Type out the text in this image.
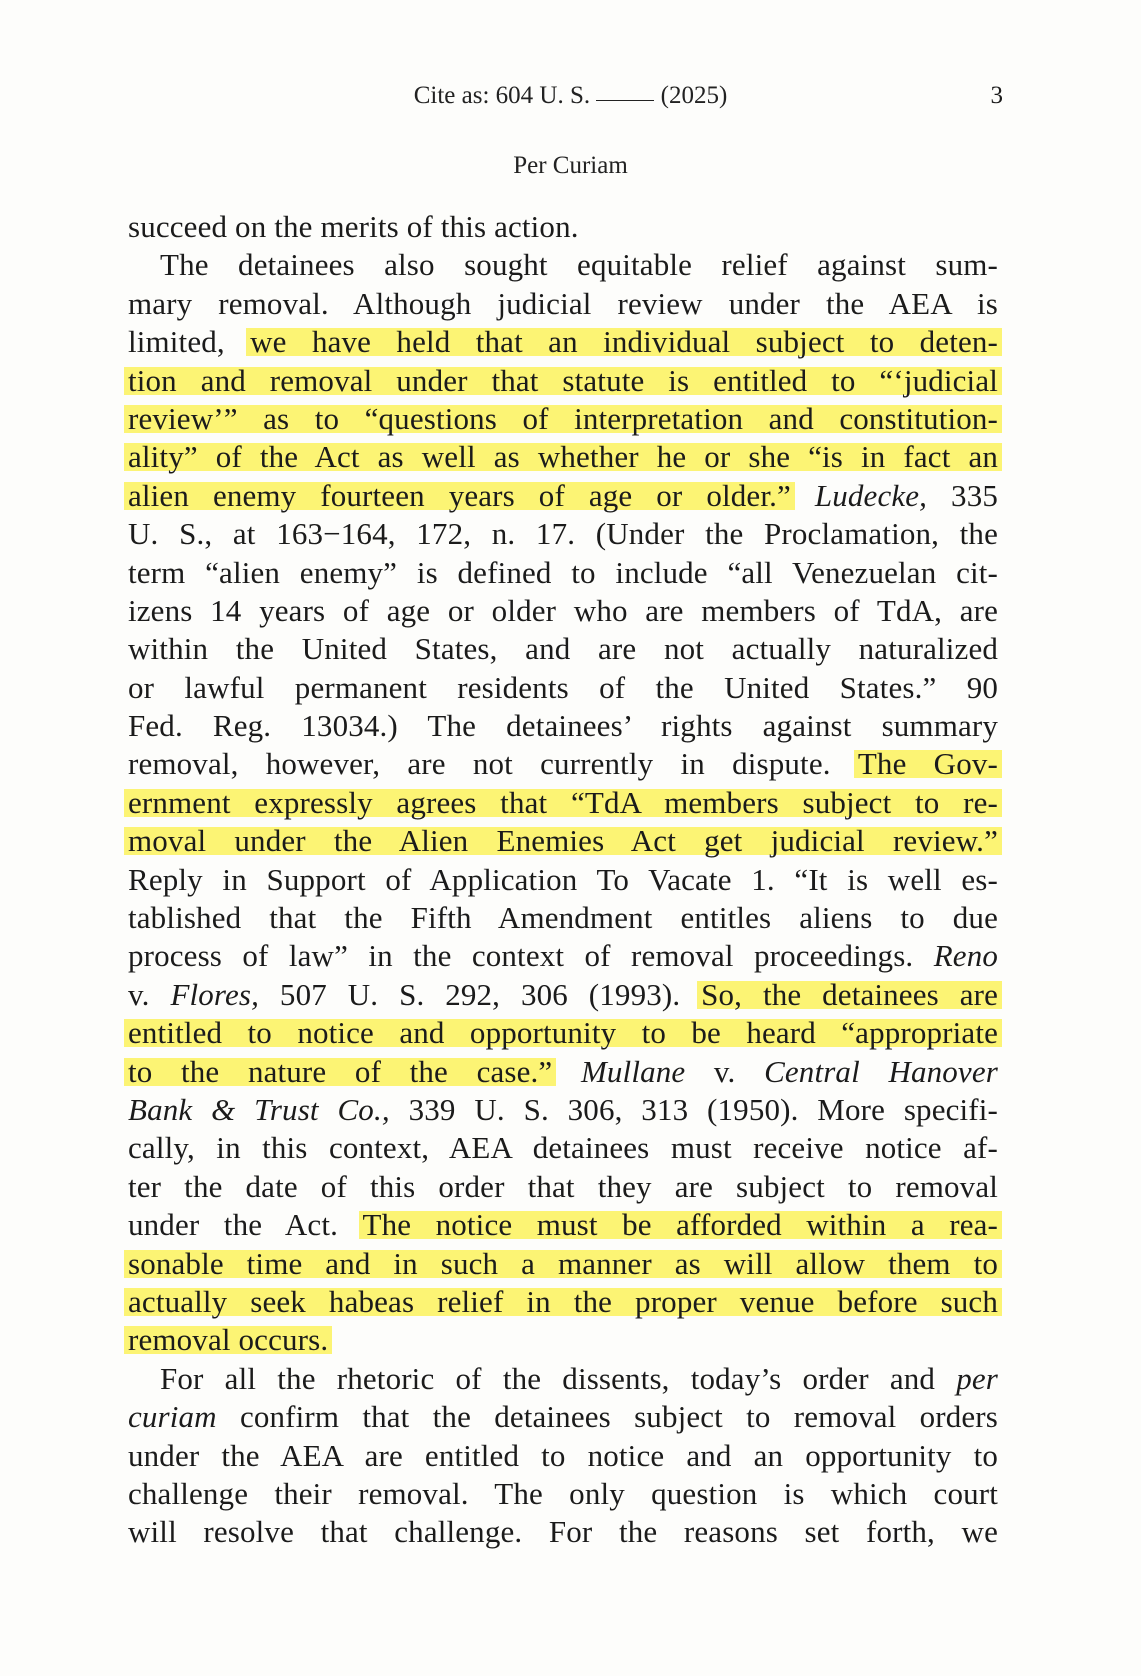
Cite as: 604 U. S.	(2025)	3
Per Curiam
succeed on the merits of this action.
The detainees also sought equitable relief against sum-
mary removal. Although judicial review under the AEA is
limited, we have held that an individual subject to deten-
tion and removal under that statute is entitled to “‘judicial
review’” as to “questions of interpretation and constitution-
ality” of the Act as well as whether he or she “is in fact an
alien enemy fourteen years of age or older.” Ludecke, 335
U. S., at 163−164, 172, n. 17. (Under the Proclamation, the
term “alien enemy” is defined to include “all Venezuelan cit-
izens 14 years of age or older who are members of TdA, are
within the United States, and are not actually naturalized
or lawful permanent residents of the United States.” 90
Fed. Reg. 13034.) The detainees’ rights against summary
removal, however, are not currently in dispute. The Gov-
ernment expressly agrees that “TdA members subject to re-
moval under the Alien Enemies Act get judicial review.”
Reply in Support of Application To Vacate 1. “It is well es-
tablished that the Fifth Amendment entitles aliens to due
process of law” in the context of removal proceedings. Reno
v. Flores, 507 U. S. 292, 306 (1993). So, the detainees are
entitled to notice and opportunity to be heard “appropriate
to the nature of the case.” Mullane v. Central Hanover
Bank & Trust Co., 339 U. S. 306, 313 (1950). More specifi-
cally, in this context, AEA detainees must receive notice af-
ter the date of this order that they are subject to removal
under the Act. The notice must be afforded within a rea-
sonable time and in such a manner as will allow them to
actually seek habeas relief in the proper venue before such
removal occurs.
For all the rhetoric of the dissents, today’s order and per
curiam confirm that the detainees subject to removal orders
under the AEA are entitled to notice and an opportunity to
challenge their removal. The only question is which court
will resolve that challenge. For the reasons set forth, we
